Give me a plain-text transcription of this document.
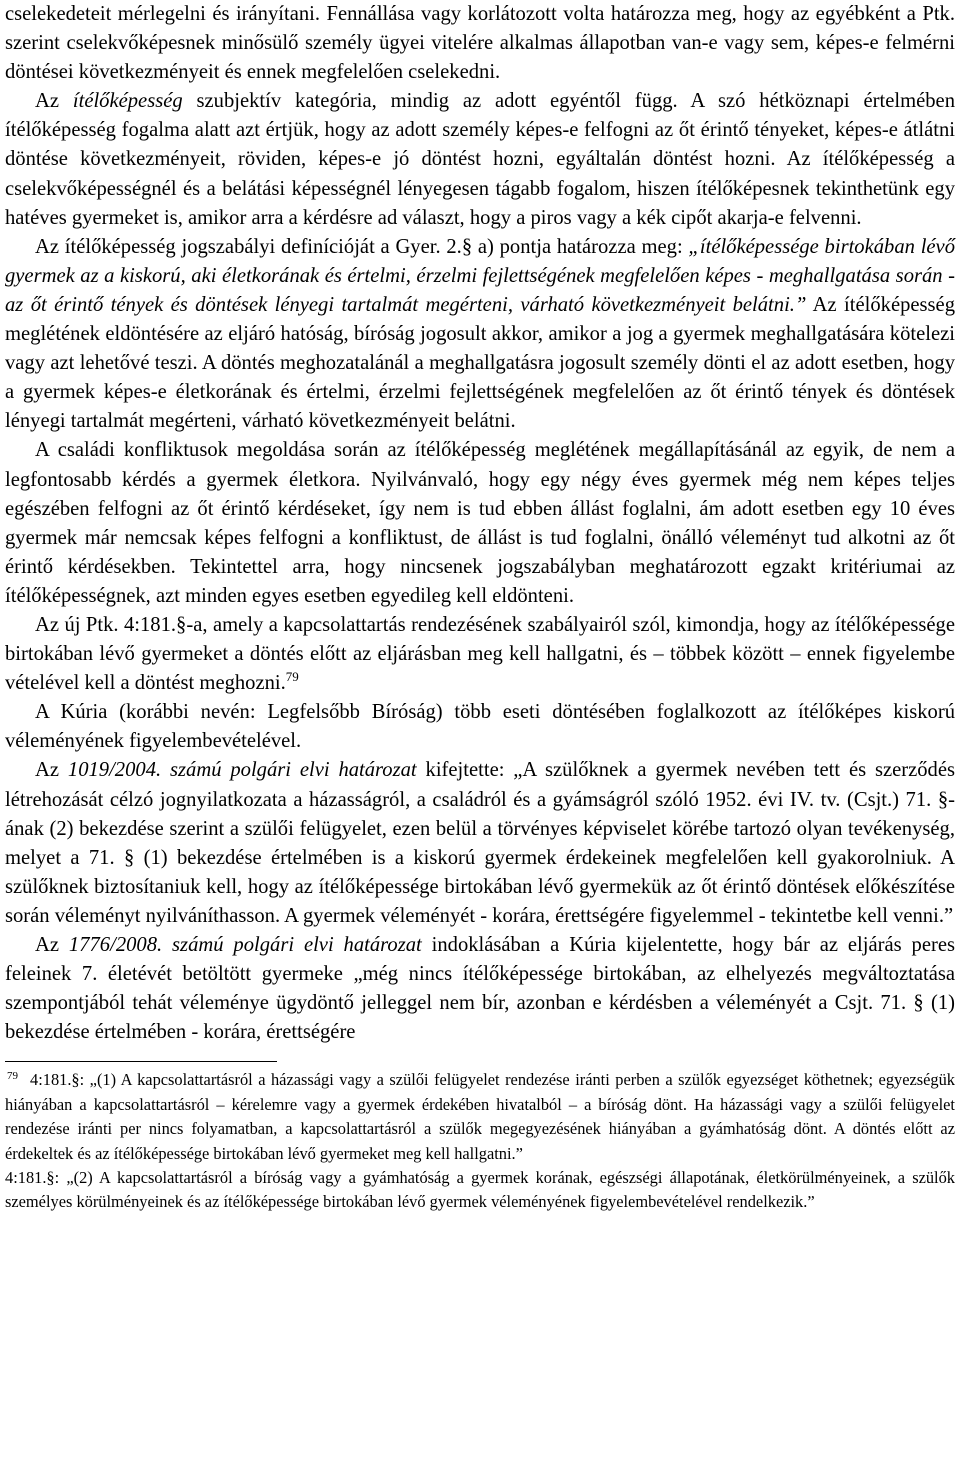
cselekedeteit mérlegelni és irányítani. Fennállása vagy korlátozott volta határozza meg, hogy az egyébként a Ptk. szerint cselekvőképesnek minősülő személy ügyei vitelére alkalmas állapotban van-e vagy sem, képes-e felmérni döntései következményeit és ennek megfelelően cselekedni.

Az ítélőképesség szubjektív kategória, mindig az adott egyéntől függ. A szó hétköznapi értelmében ítélőképesség fogalma alatt azt értjük, hogy az adott személy képes-e felfogni az őt érintő tényeket, képes-e átlátni döntése következményeit, röviden, képes-e jó döntést hozni, egyáltalán döntést hozni. Az ítélőképesség a cselekvőképességnél és a belátási képességnél lényegesen tágabb fogalom, hiszen ítélőképesnek tekinthetünk egy hatéves gyermeket is, amikor arra a kérdésre ad választ, hogy a piros vagy a kék cipőt akarja-e felvenni.

Az ítélőképesség jogszabályi definícióját a Gyer. 2.§ a) pontja határozza meg: „ítélőképessége birtokában lévő gyermek az a kiskorú, aki életkorának és értelmi, érzelmi fejlettségének megfelelően képes - meghallgatása során - az őt érintő tények és döntések lényegi tartalmát megérteni, várható következményeit belátni.” Az ítélőképesség meglétének eldöntésére az eljáró hatóság, bíróság jogosult akkor, amikor a jog a gyermek meghallgatására kötelezi vagy azt lehetővé teszi. A döntés meghozatalánál a meghallgatásra jogosult személy dönti el az adott esetben, hogy a gyermek képes-e életkorának és értelmi, érzelmi fejlettségének megfelelően az őt érintő tények és döntések lényegi tartalmát megérteni, várható következményeit belátni.

A családi konfliktusok megoldása során az ítélőképesség meglétének megállapításánál az egyik, de nem a legfontosabb kérdés a gyermek életkora. Nyilvánvaló, hogy egy négy éves gyermek még nem képes teljes egészében felfogni az őt érintő kérdéseket, így nem is tud ebben állást foglalni, ám adott esetben egy 10 éves gyermek már nemcsak képes felfogni a konfliktust, de állást is tud foglalni, önálló véleményt tud alkotni az őt érintő kérdésekben. Tekintettel arra, hogy nincsenek jogszabályban meghatározott egzakt kritériumai az ítélőképességnek, azt minden egyes esetben egyedileg kell eldönteni.

Az új Ptk. 4:181.§-a, amely a kapcsolattartás rendezésének szabályairól szól, kimondja, hogy az ítélőképessége birtokában lévő gyermeket a döntés előtt az eljárásban meg kell hallgatni, és – többek között – ennek figyelembe vételével kell a döntést meghozni.$^{79}$

A Kúria (korábbi nevén: Legfelsőbb Bíróság) több eseti döntésében foglalkozott az ítélőképes kiskorú véleményének figyelembevételével.

Az 1019/2004. számú polgári elvi határozat kifejtette: „A szülőknek a gyermek nevében tett és szerződés létrehozását célzó jognyilatkozata a házasságról, a családról és a gyámságról szóló 1952. évi IV. tv. (Csjt.) 71. §-ának (2) bekezdése szerint a szülői felügyelet, ezen belül a törvényes képviselet körébe tartozó olyan tevékenység, melyet a 71. § (1) bekezdése értelmében is a kiskorú gyermek érdekeinek megfelelően kell gyakorolniuk. A szülőknek biztosítaniuk kell, hogy az ítélőképessége birtokában lévő gyermekük az őt érintő döntések előkészítése során véleményt nyilváníthasson. A gyermek véleményét - korára, érettségére figyelemmel - tekintetbe kell venni.”

Az 1776/2008. számú polgári elvi határozat indoklásában a Kúria kijelentette, hogy bár az eljárás peres feleinek 7. életévét betöltött gyermeke „még nincs ítélőképessége birtokában, az elhelyezés megváltoztatása szempontjából tehát véleménye ügydöntő jelleggel nem bír, azonban e kérdésben a véleményét a Csjt. 71. § (1) bekezdése értelmében - korára, érettségére

$^{79}$ 4:181.§: „(1) A kapcsolattartásról a házassági vagy a szülői felügyelet rendezése iránti perben a szülők egyezséget köthetnek; egyezségük hiányában a kapcsolattartásról – kérelemre vagy a gyermek érdekében hivatalból – a bíróság dönt. Ha házassági vagy a szülői felügyelet rendezése iránti per nincs folyamatban, a kapcsolattartásról a szülők megegyezésének hiányában a gyámhatóság dönt. A döntés előtt az érdekeltek és az ítélőképessége birtokában lévő gyermeket meg kell hallgatni.”

4:181.§: „(2) A kapcsolattartásról a bíróság vagy a gyámhatóság a gyermek korának, egészségi állapotának, életkörülményeinek, a szülők személyes körülményeinek és az ítélőképessége birtokában lévő gyermek véleményének figyelembevételével rendelkezik.”
